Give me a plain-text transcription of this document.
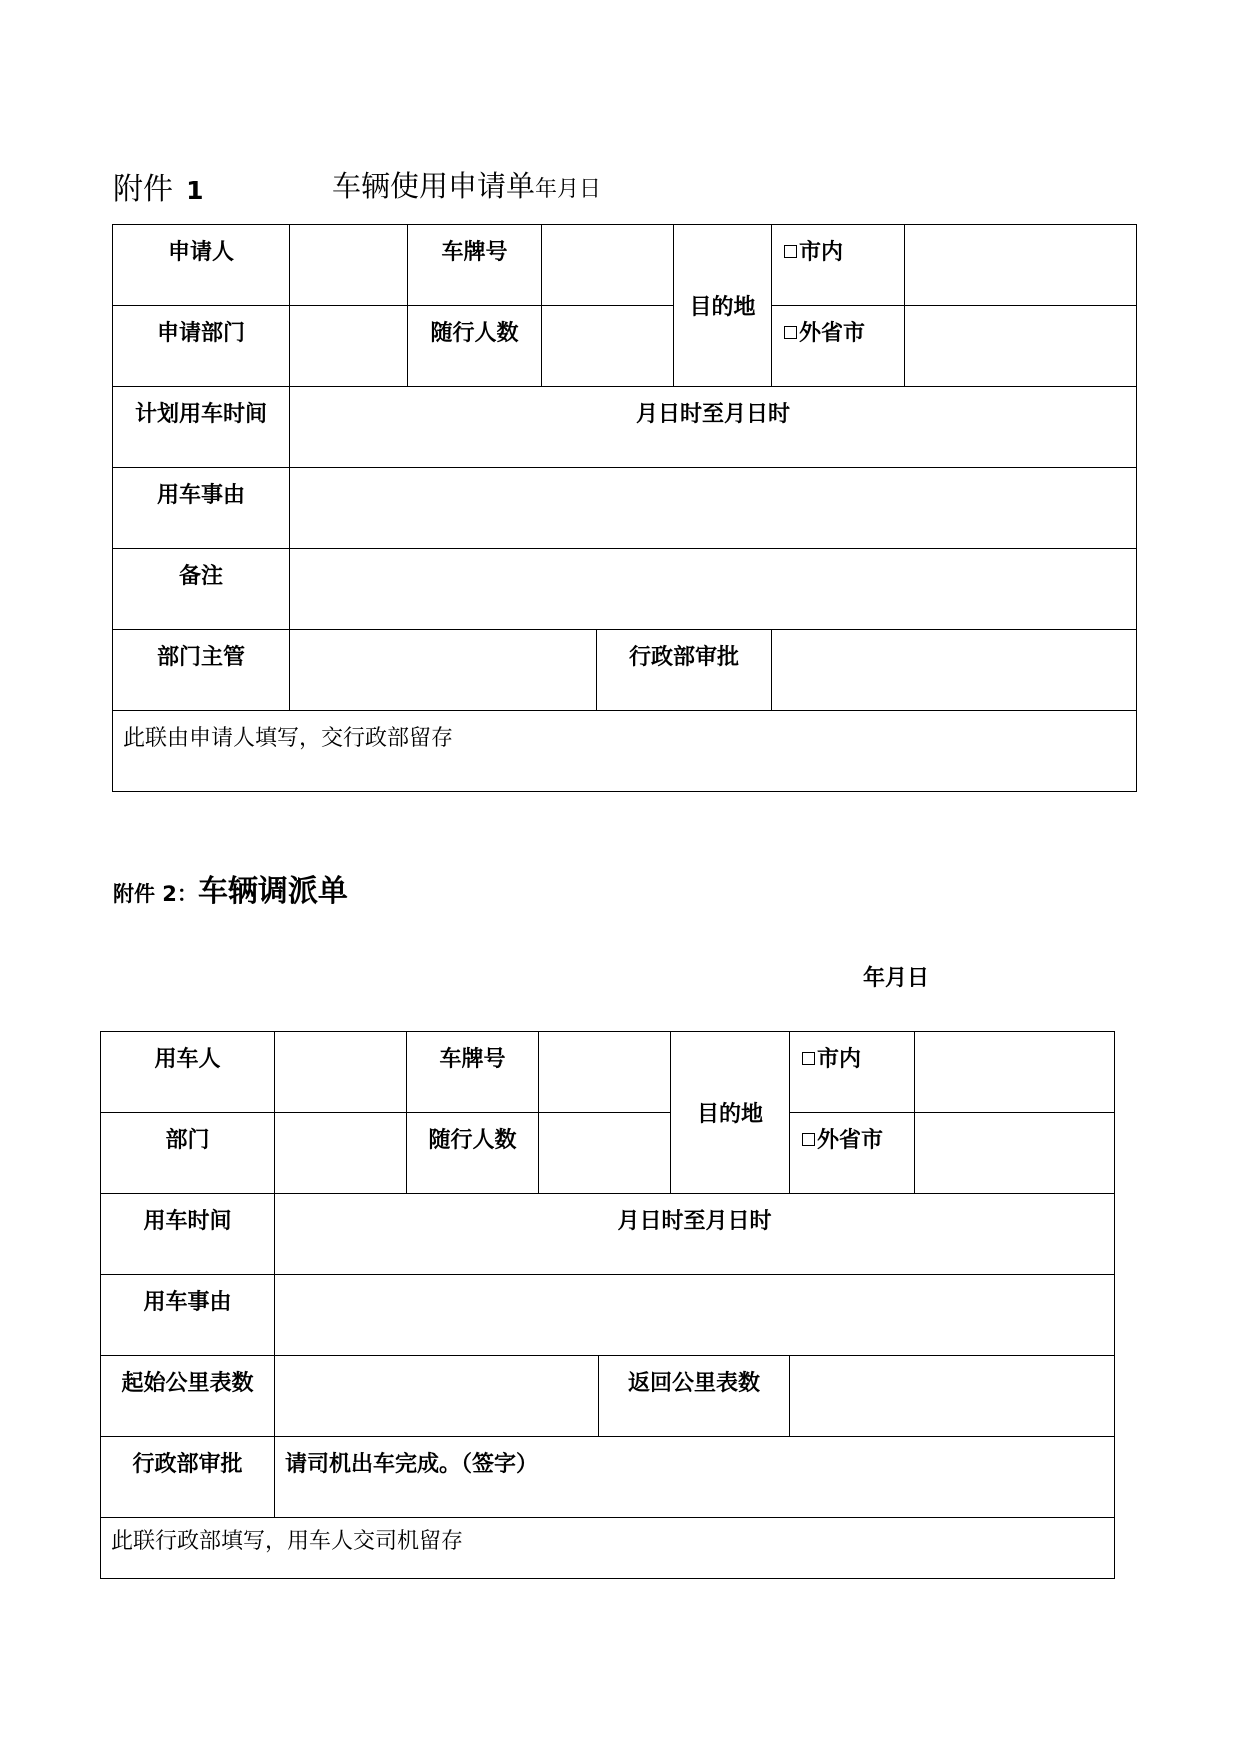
附件 1	车辆使用申请单年月日
申请人		车牌号			目的地	市内	
申请部门		随行人数				外省市	
计划用车时间	月日时至月日时						
用车事由							
备注							
部门主管				行政部审批			
此联由申请人填写，交行政部留存							
附件 2：车辆调派单
年月日
用车人		车牌号			目的地	市内	
部门		随行人数				外省市	
用车时间	月日时至月日时						
用车事由							
起始公里表数				返回公里表数			
行政部审批	请司机出车完成。（签字）						
此联行政部填写，用车人交司机留存							
